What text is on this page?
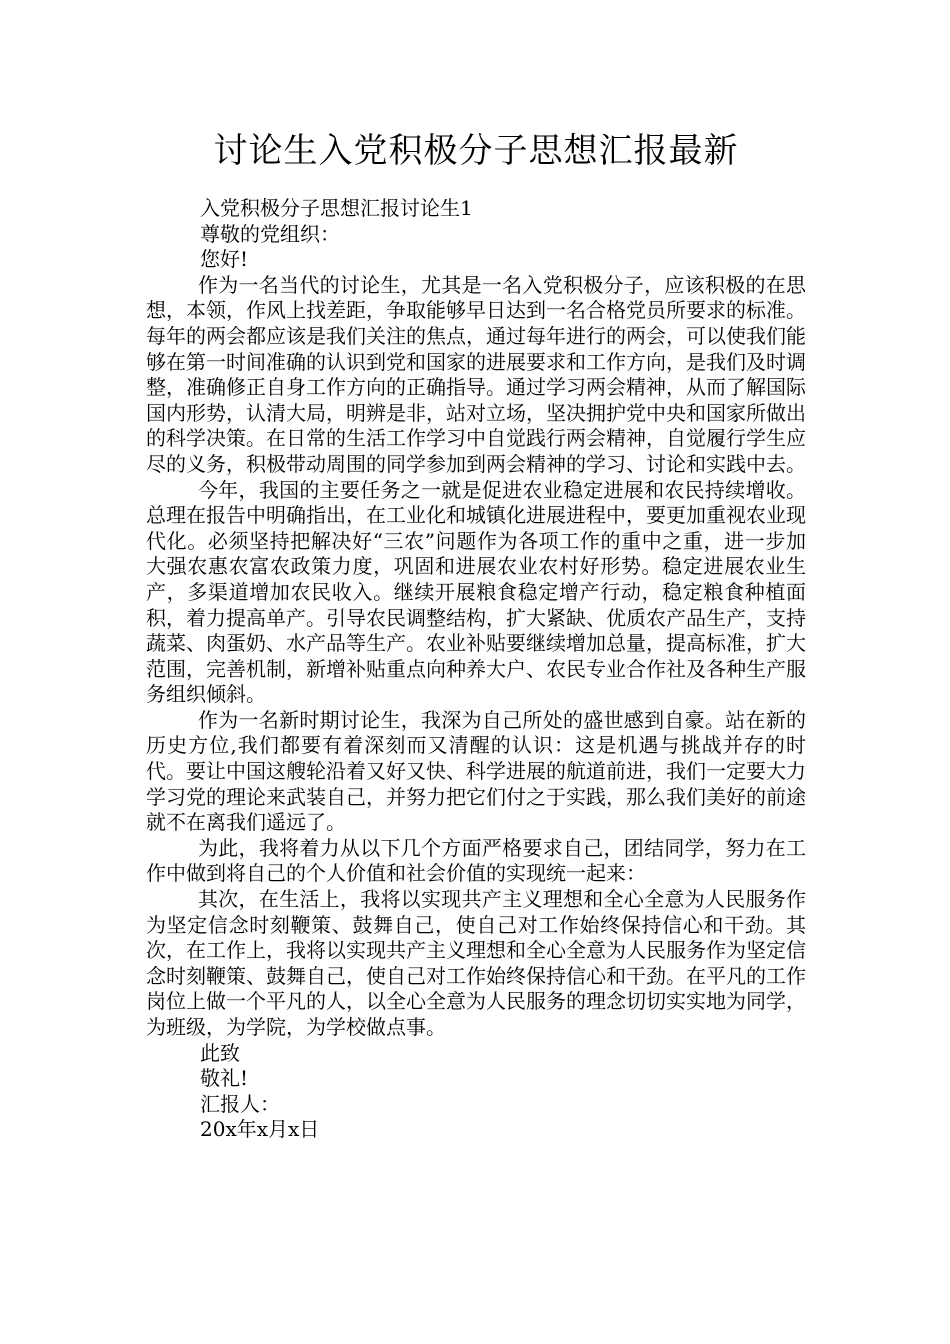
讨论生入党积极分子思想汇报最新

入党积极分子思想汇报讨论生1

尊敬的党组织：

您好!

作为一名当代的讨论生，尤其是一名入党积极分子，应该积极的在思想，本领，作风上找差距，争取能够早日达到一名合格党员所要求的标准。每年的两会都应该是我们关注的焦点，通过每年进行的两会，可以使我们能够在第一时间准确的认识到党和国家的进展要求和工作方向，是我们及时调整，准确修正自身工作方向的正确指导。通过学习两会精神，从而了解国际国内形势，认清大局，明辨是非，站对立场，坚决拥护党中央和国家所做出的科学决策。在日常的生活工作学习中自觉践行两会精神，自觉履行学生应尽的义务，积极带动周围的同学参加到两会精神的学习、讨论和实践中去。

今年，我国的主要任务之一就是促进农业稳定进展和农民持续增收。总理在报告中明确指出，在工业化和城镇化进展进程中，要更加重视农业现代化。必须坚持把解决好“三农”问题作为各项工作的重中之重，进一步加大强农惠农富农政策力度，巩固和进展农业农村好形势。稳定进展农业生产，多渠道增加农民收入。继续开展粮食稳定增产行动，稳定粮食种植面积，着力提高单产。引导农民调整结构，扩大紧缺、优质农产品生产，支持蔬菜、肉蛋奶、水产品等生产。农业补贴要继续增加总量，提高标准，扩大范围，完善机制，新增补贴重点向种养大户、农民专业合作社及各种生产服务组织倾斜。

作为一名新时期讨论生，我深为自己所处的盛世感到自豪。站在新的历史方位,我们都要有着深刻而又清醒的认识：这是机遇与挑战并存的时代。要让中国这艘轮沿着又好又快、科学进展的航道前进，我们一定要大力学习党的理论来武装自己，并努力把它们付之于实践，那么我们美好的前途就不在离我们遥远了。

为此，我将着力从以下几个方面严格要求自己，团结同学，努力在工作中做到将自己的个人价值和社会价值的实现统一起来：

其次，在生活上，我将以实现共产主义理想和全心全意为人民服务作为坚定信念时刻鞭策、鼓舞自己，使自己对工作始终保持信心和干劲。其次，在工作上，我将以实现共产主义理想和全心全意为人民服务作为坚定信念时刻鞭策、鼓舞自己，使自己对工作始终保持信心和干劲。在平凡的工作岗位上做一个平凡的人，以全心全意为人民服务的理念切切实实地为同学，为班级，为学院，为学校做点事。

此致

敬礼!

汇报人：

20x年x月x日
